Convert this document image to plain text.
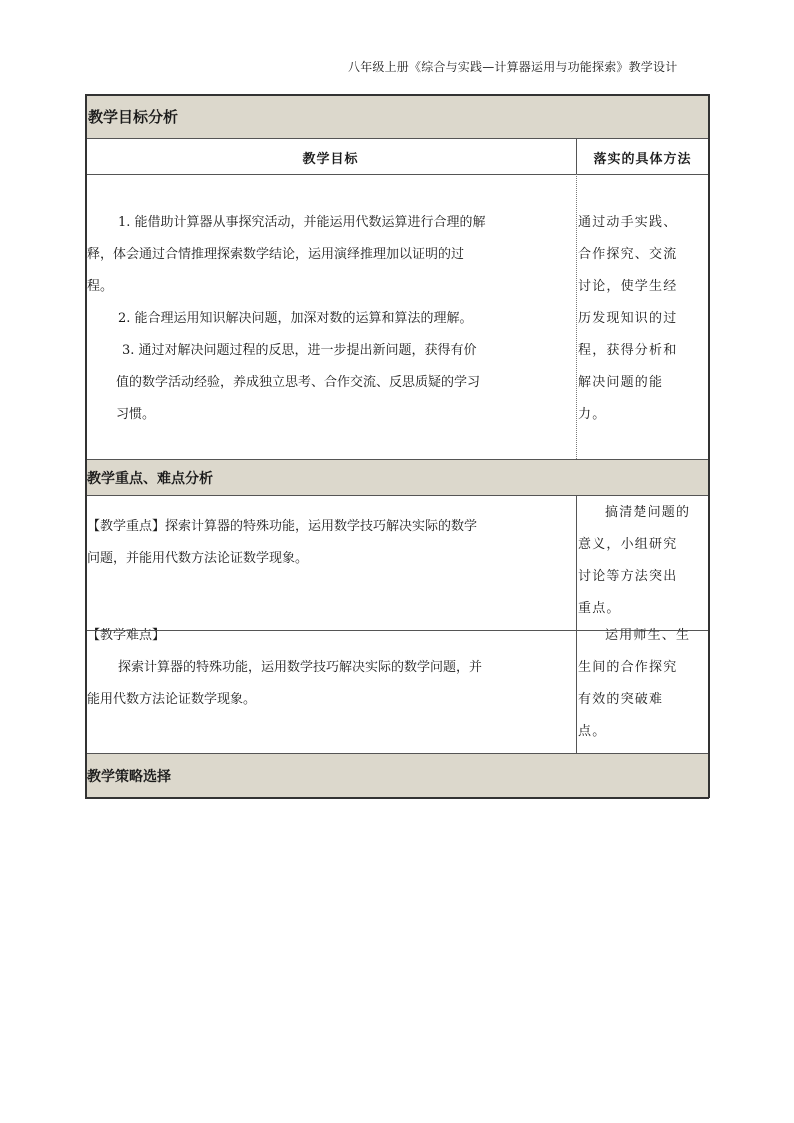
八年级上册《综合与实践—计算器运用与功能探索》教学设计
教学目标分析
教学重点、难点分析
教学策略选择
教学目标	落实的具体方法
1. 能借助计算器从事探究活动，并能运用代数运算进行合理的解
释，体会通过合情推理探索数学结论，运用演绎推理加以证明的过
程。
2. 能合理运用知识解决问题，加深对数的运算和算法的理解。
3. 通过对解决问题过程的反思，进一步提出新问题，获得有价
值的数学活动经验，养成独立思考、合作交流、反思质疑的学习
习惯。
通过动手实践、
合作探究、交流
讨论，使学生经
历发现知识的过
程，获得分析和
解决问题的能
力。
【教学重点】探索计算器的特殊功能，运用数学技巧解决实际的数学
问题，并能用代数方法论证数学现象。
搞清楚问题的
意义，小组研究
讨论等方法突出
重点。
【教学难点】
探索计算器的特殊功能，运用数学技巧解决实际的数学问题，并
能用代数方法论证数学现象。
运用师生、生
生间的合作探究
有效的突破难
点。
